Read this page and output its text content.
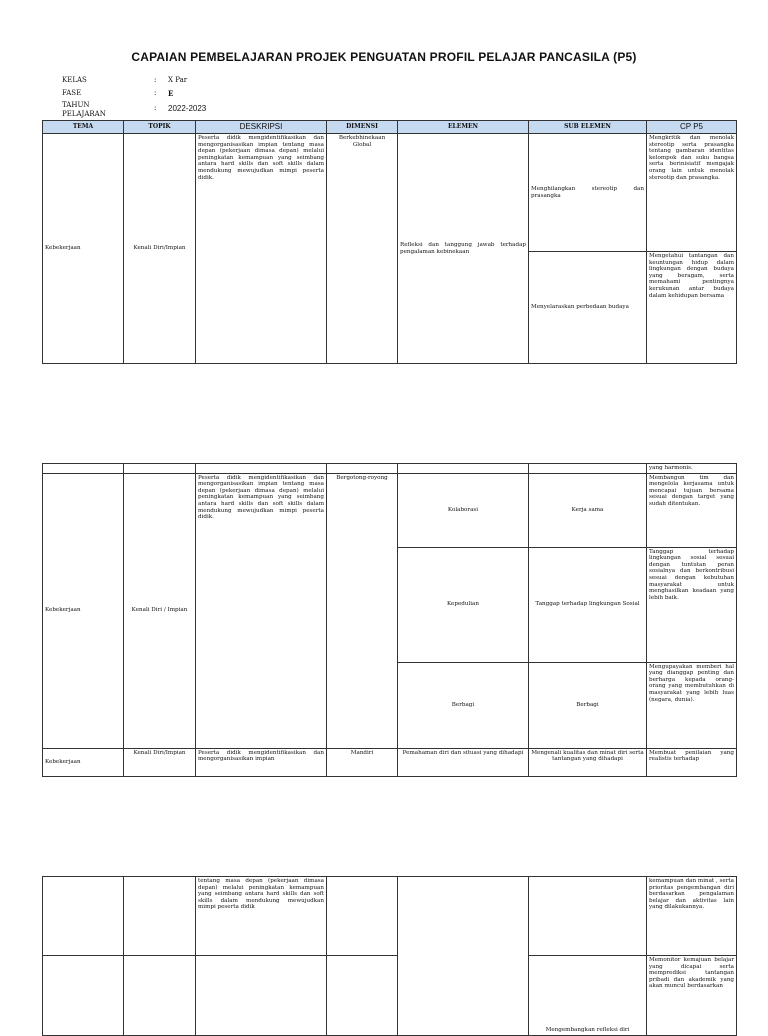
CAPAIAN PEMBELAJARAN PROJEK PENGUATAN PROFIL PELAJAR PANCASILA (P5)
KELAS	: X Par
FASE	: E
TAHUN PELAJARAN
: 2022-2023
TEMA	TOPIK	DESKRIPSI	DIMENSI	ELEMEN	SUB ELEMEN	CP P5
Kebekerjaan	Kenali Diri/Impian	Peserta didik mengidentifikasikan dan mengorganisasikan impian tentang masa depan (pekerjaan dimasa depan) melalui peningkatan kemampuan yang seimbang antara hard skills dan soft skills dalam mendukung mewujudkan mimpi peserta didik.	Berkebhinekaan Global	Refleksi dan tanggung jawab terhadap pengalaman kebinekaan	Menghilangkan stereotip dan prasangka	Mengkritik dan menolak stereotip serta prasangka tentang gambaran identitas kelompok dan suku bangsa serta berinisiatif mengajak orang lain untuk menolak stereotip dan prasangka.
					Menyelaraskan perbedaan budaya	Mengetahui tantangan dan keuntungan hidup dalam lingkungan dengan budaya yang beragam, serta memahami pentingnya kerukunan antar budaya dalam kehidupan bersama
						yang harmonis.
Kebekerjaan	Kenali Diri / Impian	Peserta didik mengidentifikasikan dan mengorganisasikan impian tentang masa depan (pekerjaan dimasa depan) melalui peningkatan kemampuan yang seimbang antara hard skills dan soft skills dalam mendukung mewujudkan mimpi peserta didik.	Bergotong-royong	Kolaborasi	Kerja sama	Membangun tim dan mengelola kerjasama untuk mencapai tujuan bersama sesuai dengan target yang sudah ditentukan.
				Kepedulian	Tanggap terhadap lingkungan Sosial	Tanggap terhadap lingkungan sosial sesuai dengan tuntutan peran sosialnya dan berkontribusi sesuai dengan kebutuhan masyarakat untuk menghasilkan keadaan yang lebih baik.
				Berbagi	Berbagi	Mengupayakan memberi hal yang dianggap penting dan berharga kepada orang-orang yang membutuhkan di masyarakat yang lebih luas (negara, dunia).
Kebekerjaan	Kenali Diri/Impian	Peserta didik mengidentifikasikan dan mengorganisasikan impian	Mandiri	Pemahaman diri dan situasi yang dihadapi	Mengenali kualitas dan minat diri serta tantangan yang dihadapi	Membuat penilaian yang realistis terhadap
		tentang masa depan (pekerjaan dimasa depan) melalui peningkatan kemampuan yang seimbang antara hard skills dan soft skills dalam mendukung mewujudkan mimpi peserta didik				kemampuan dan minat , serta prioritas pengembangan diri berdasarkan pengalaman belajar dan aktivitas lain yang dilakukannya.
					Mengembangkan refleksi diri	Memonitor kemajuan belajar yang dicapai serta memprediksi tantangan pribadi dan akademik yang akan muncul berdasarkan
